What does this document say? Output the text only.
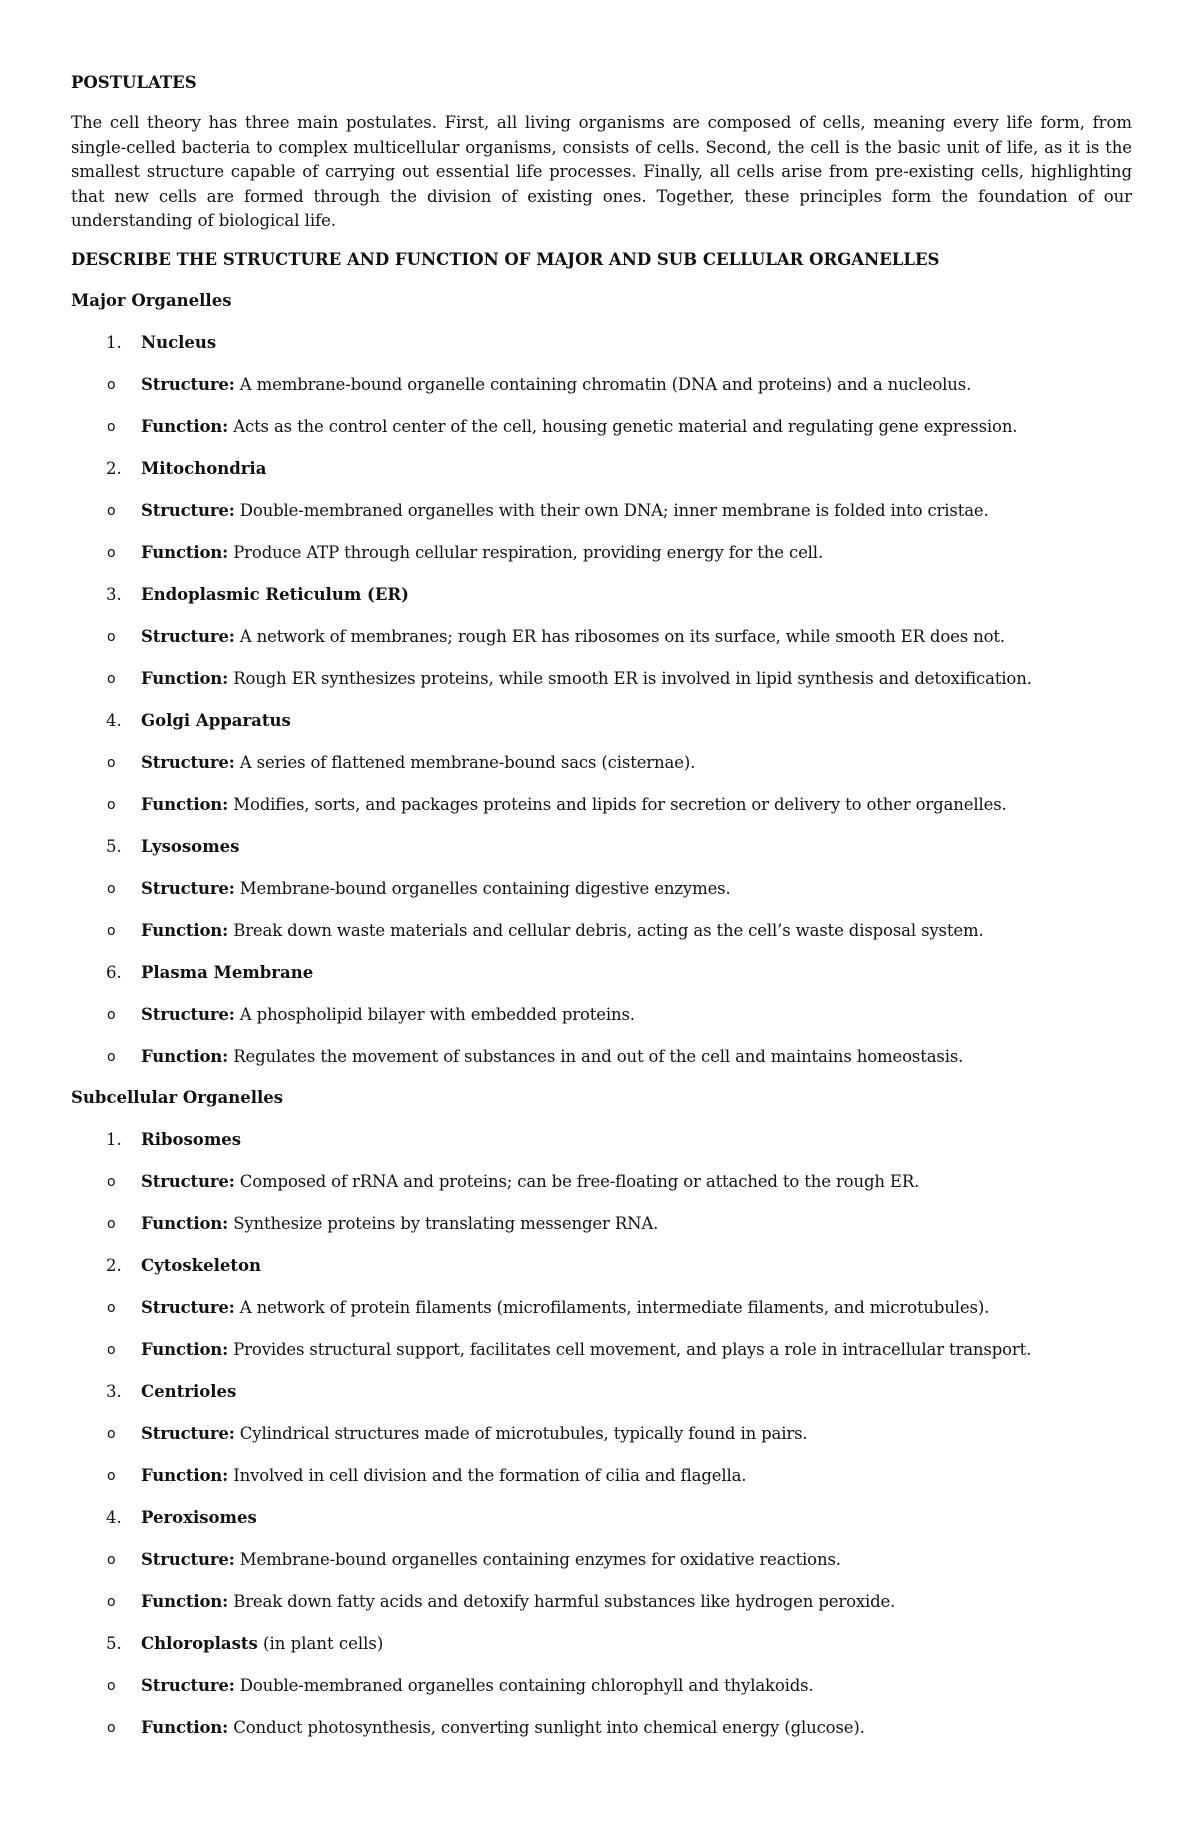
POSTULATES

The cell theory has three main postulates. First, all living organisms are composed of cells, meaning every life form, from single-celled bacteria to complex multicellular organisms, consists of cells. Second, the cell is the basic unit of life, as it is the smallest structure capable of carrying out essential life processes. Finally, all cells arise from pre-existing cells, highlighting that new cells are formed through the division of existing ones. Together, these principles form the foundation of our understanding of biological life.

DESCRIBE THE STRUCTURE AND FUNCTION OF MAJOR AND SUB CELLULAR ORGANELLES
Major Organelles
1.	Nucleus
o Structure: A membrane-bound organelle containing chromatin (DNA and proteins) and a nucleolus.
o Function: Acts as the control center of the cell, housing genetic material and regulating gene expression.
2.	Mitochondria
o Structure: Double-membraned organelles with their own DNA; inner membrane is folded into cristae.
o Function: Produce ATP through cellular respiration, providing energy for the cell.
3.	Endoplasmic Reticulum (ER)
o Structure: A network of membranes; rough ER has ribosomes on its surface, while smooth ER does not.
o Function: Rough ER synthesizes proteins, while smooth ER is involved in lipid synthesis and detoxification.
4.	Golgi Apparatus
o Structure: A series of flattened membrane-bound sacs (cisternae).
o Function: Modifies, sorts, and packages proteins and lipids for secretion or delivery to other organelles.
5.	Lysosomes
o Structure: Membrane-bound organelles containing digestive enzymes.
o Function: Break down waste materials and cellular debris, acting as the cell’s waste disposal system.
6.	Plasma Membrane
o Structure: A phospholipid bilayer with embedded proteins.
o Function: Regulates the movement of substances in and out of the cell and maintains homeostasis.
Subcellular Organelles
1.	Ribosomes
o Structure: Composed of rRNA and proteins; can be free-floating or attached to the rough ER.
o Function: Synthesize proteins by translating messenger RNA.
2.	Cytoskeleton
o Structure: A network of protein filaments (microfilaments, intermediate filaments, and microtubules).
o Function: Provides structural support, facilitates cell movement, and plays a role in intracellular transport.
3.	Centrioles
o Structure: Cylindrical structures made of microtubules, typically found in pairs.
o Function: Involved in cell division and the formation of cilia and flagella.
4.	Peroxisomes
o Structure: Membrane-bound organelles containing enzymes for oxidative reactions.
o Function: Break down fatty acids and detoxify harmful substances like hydrogen peroxide.
5.	Chloroplasts (in plant cells)
o Structure: Double-membraned organelles containing chlorophyll and thylakoids.
o Function: Conduct photosynthesis, converting sunlight into chemical energy (glucose).
